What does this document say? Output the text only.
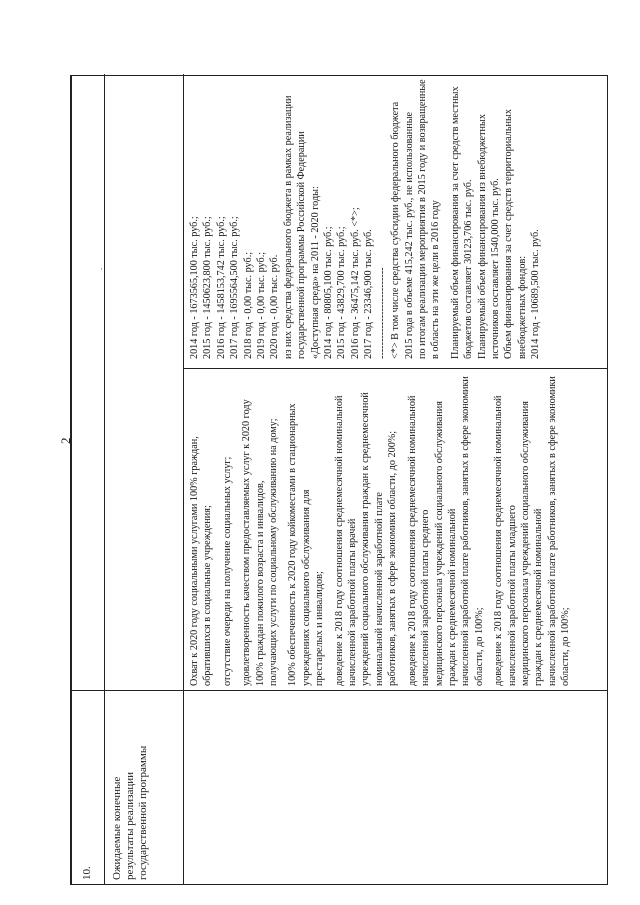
2
·
10. Ожидаемые конечные результаты реализации государственной программы
Охват к 2020 году социальными услугами 100% граждан, обратившихся в социальные учреждения; отсутствие очереди на получение социальных услуг; удовлетворенность качеством предоставляемых услуг к 2020 году 100% граждан пожилого возраста и инвалидов, получающих услуги по социальному обслуживанию на дому; 100% обеспеченность к 2020 году койкоместами в стационарных учреждениях социального обслуживания для престарелых и инвалидов; доведение к 2018 году соотношения среднемесячной номинальной начисленной заработной платы врачей учреждений социального обслуживания граждан к среднемесячной номинальной начисленной заработной плате работников, занятых в сфере экономики области, до 200%; доведение к 2018 году соотношения среднемесячной номинальной начисленной заработной платы среднего медицинского персонала учреждений социального обслуживания граждан к среднемесячной номинальной начисленной заработной плате работников, занятых в сфере экономики области, до 100%; доведение к 2018 году соотношения среднемесячной номинальной начисленной заработной платы младшего медицинского персонала учреждений социального обслуживания граждан к среднемесячной номинальной начисленной заработной плате работников, занятых в сфере экономики области, до 100%;
2014 год - 1673565,100 тыс. руб.; 2015 год - 1450623,800 тыс. руб.; 2016 год - 1458153,742 тыс. руб.; 2017 год - 1695564,500 тыс. руб.; 2018 год - 0,00 тыс. руб.; 2019 год - 0,00 тыс. руб.; 2020 год - 0,00 тыс. руб. из них средства федерального бюджета в рамках реализации государственной программы Российской Федерации «Доступная среда» на 2011 - 2020 годы: 2014 год - 80805,100 тыс. руб.; 2015 год - 43829,700 тыс. руб.; 2016 год - 36475,142 тыс. руб. <*>; 2017 год - 23346,900 тыс. руб. --------------------------- <*> В том числе средства субсидии федерального бюджета 2015 года в объеме 415,242 тыс. руб., не использованные по итогам реализации мероприятия в 2015 году и возвращенные в область на эти же цели в 2016 году Планируемый объем финансирования за счет средств местных бюджетов составляет 30123,706 тыс. руб. Планируемый объем финансирования из внебюджетных источников составляет 1540,000 тыс. руб. Объем финансирования за счет средств территориальных внебюджетных фондов: 2014 год - 10689,500 тыс. руб.
